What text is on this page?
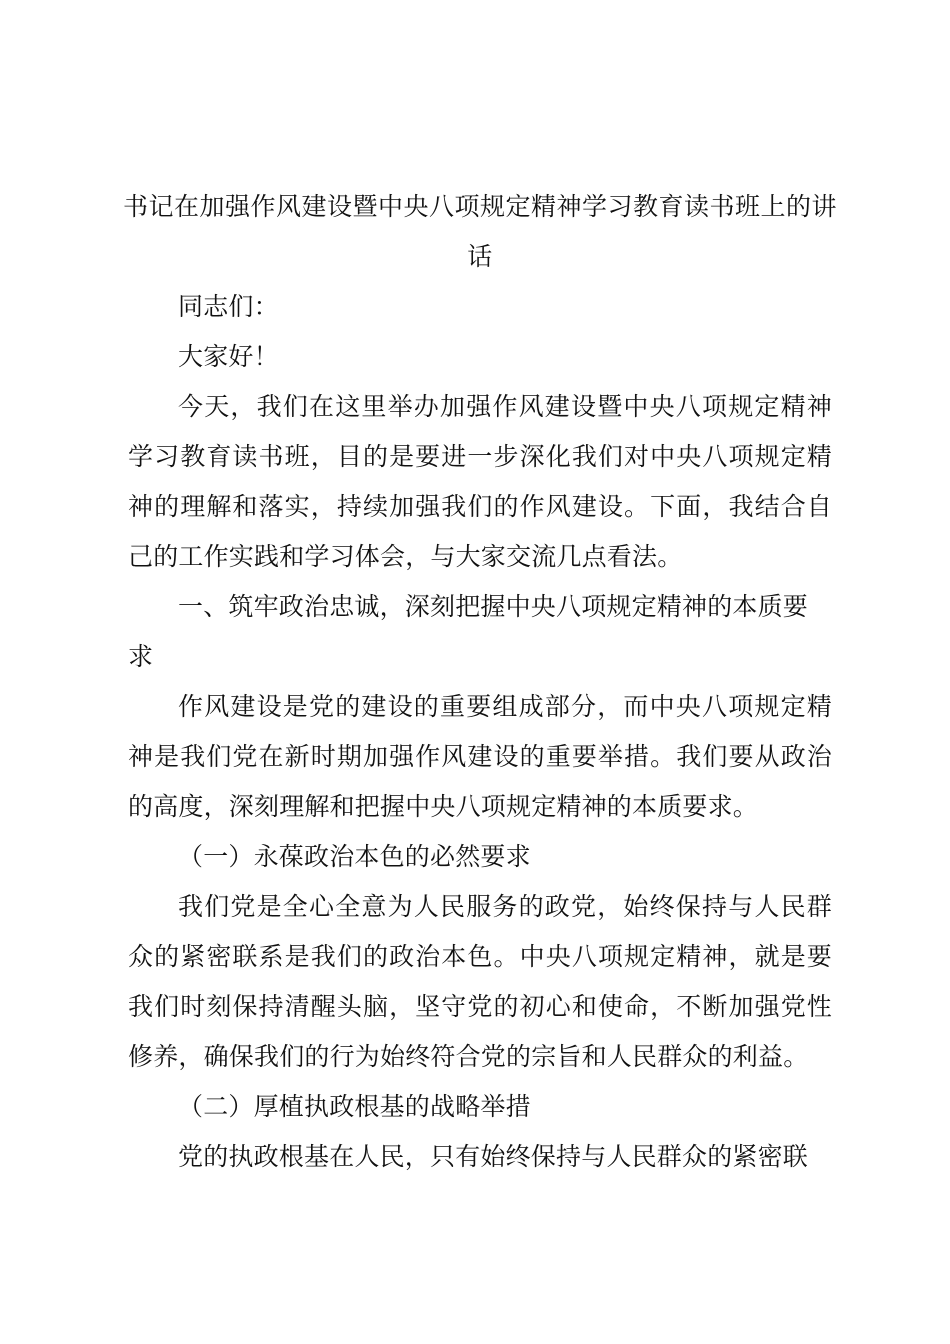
书记在加强作风建设暨中央八项规定精神学习教育读书班上的讲话

同志们：

大家好！

今天，我们在这里举办加强作风建设暨中央八项规定精神学习教育读书班，目的是要进一步深化我们对中央八项规定精神的理解和落实，持续加强我们的作风建设。下面，我结合自己的工作实践和学习体会，与大家交流几点看法。

一、筑牢政治忠诚，深刻把握中央八项规定精神的本质要求

作风建设是党的建设的重要组成部分，而中央八项规定精神是我们党在新时期加强作风建设的重要举措。我们要从政治的高度，深刻理解和把握中央八项规定精神的本质要求。

（一）永葆政治本色的必然要求

我们党是全心全意为人民服务的政党，始终保持与人民群众的紧密联系是我们的政治本色。中央八项规定精神，就是要我们时刻保持清醒头脑，坚守党的初心和使命，不断加强党性修养，确保我们的行为始终符合党的宗旨和人民群众的利益。

（二）厚植执政根基的战略举措

党的执政根基在人民，只有始终保持与人民群众的紧密联
